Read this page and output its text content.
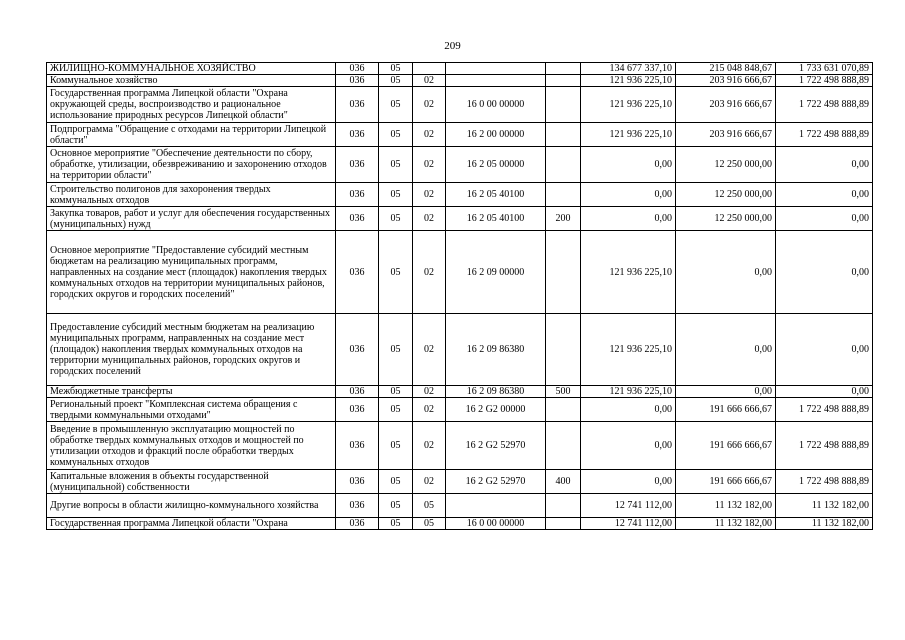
209
ЖИЛИЩНО-КОММУНАЛЬНОЕ ХОЗЯЙСТВО	036	05				134 677 337,10	215 048 848,67	1 733 631 070,89
Коммунальное хозяйство	036	05	02			121 936 225,10	203 916 666,67	1 722 498 888,89
Государственная программа Липецкой области "Охрана окружающей среды, воспроизводство и рациональное использование природных ресурсов Липецкой области"	036	05	02	16 0 00 00000		121 936 225,10	203 916 666,67	1 722 498 888,89
Подпрограмма "Обращение с отходами на территории Липецкой области"	036	05	02	16 2 00 00000		121 936 225,10	203 916 666,67	1 722 498 888,89
Основное мероприятие "Обеспечение деятельности по сбору, обработке, утилизации, обезвреживанию и захоронению отходов на территории области"	036	05	02	16 2 05 00000		0,00	12 250 000,00	0,00
Строительство полигонов для захоронения твердых коммунальных отходов	036	05	02	16 2 05 40100		0,00	12 250 000,00	0,00
Закупка товаров, работ и услуг для обеспечения государственных (муниципальных) нужд	036	05	02	16 2 05 40100	200	0,00	12 250 000,00	0,00
Основное мероприятие "Предоставление субсидий местным бюджетам на реализацию муниципальных программ, направленных на создание мест (площадок) накопления твердых коммунальных отходов на территории муниципальных районов, городских округов и городских поселений"	036	05	02	16 2 09 00000		121 936 225,10	0,00	0,00
Предоставление субсидий местным бюджетам на реализацию муниципальных программ, направленных на создание мест (площадок) накопления твердых коммунальных отходов на территории муниципальных районов, городских округов и городских поселений	036	05	02	16 2 09 86380		121 936 225,10	0,00	0,00
Межбюджетные трансферты	036	05	02	16 2 09 86380	500	121 936 225,10	0,00	0,00
Региональный проект "Комплексная система обращения с твердыми коммунальными отходами"	036	05	02	16 2 G2 00000		0,00	191 666 666,67	1 722 498 888,89
Введение в промышленную эксплуатацию мощностей по обработке твердых коммунальных отходов и мощностей по утилизации отходов и фракций после обработки твердых коммунальных отходов	036	05	02	16 2 G2 52970		0,00	191 666 666,67	1 722 498 888,89
Капитальные вложения в объекты государственной (муниципальной) собственности	036	05	02	16 2 G2 52970	400	0,00	191 666 666,67	1 722 498 888,89
Другие вопросы в области жилищно-коммунального хозяйства	036	05	05			12 741 112,00	11 132 182,00	11 132 182,00
Государственная программа Липецкой области "Охрана	036	05	05	16 0 00 00000		12 741 112,00	11 132 182,00	11 132 182,00
